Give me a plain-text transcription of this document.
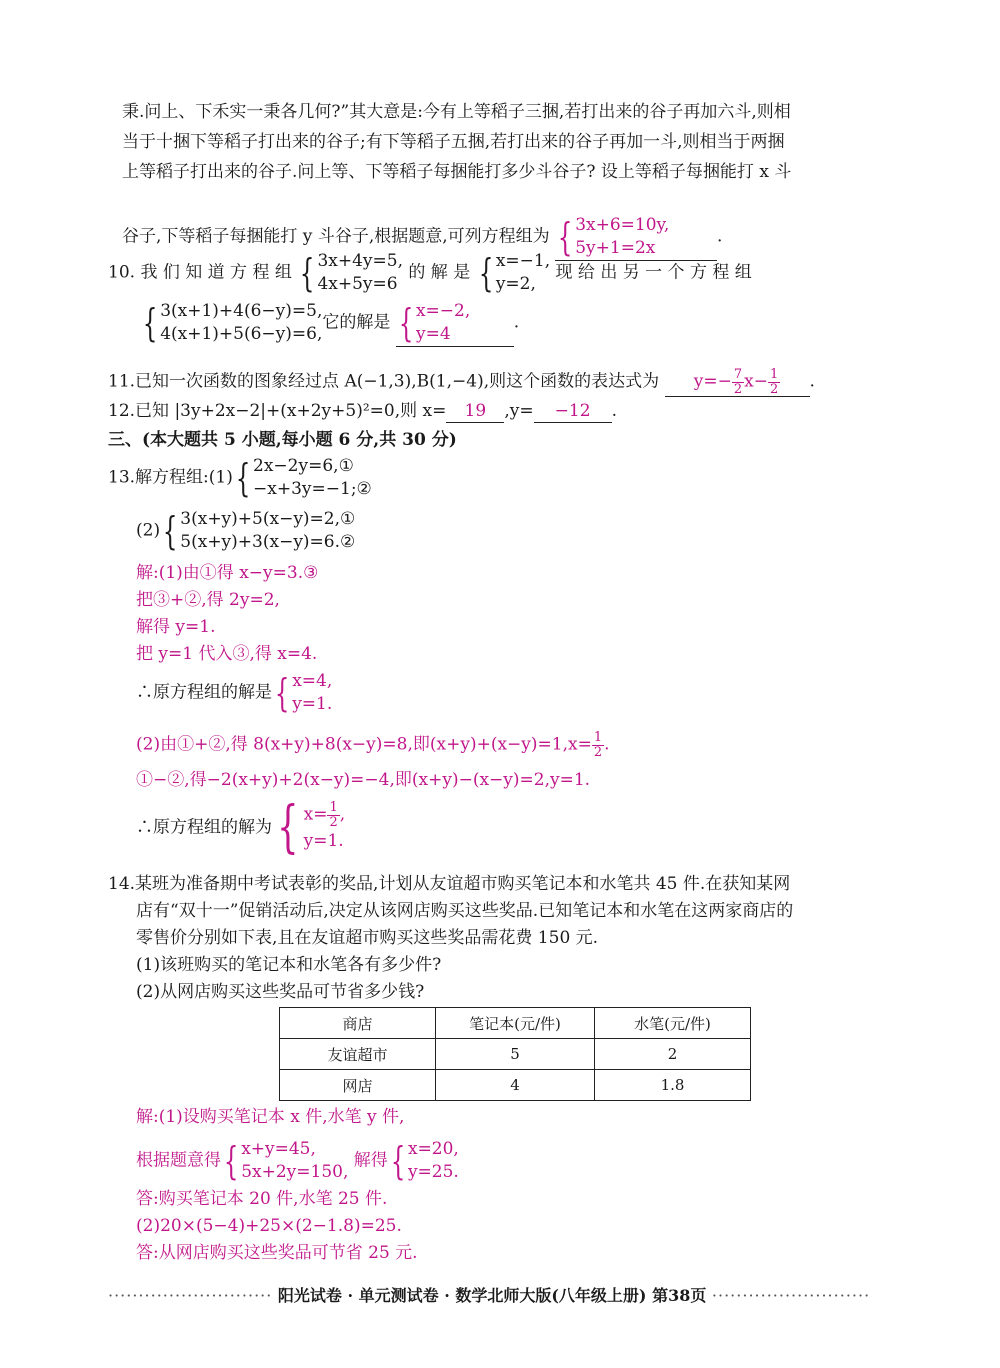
秉.问上、下禾实一秉各几何?”其大意是:今有上等稻子三捆,若打出来的谷子再加六斗,则相
当于十捆下等稻子打出来的谷子;有下等稻子五捆,若打出来的谷子再加一斗,则相当于两捆
上等稻子打出来的谷子.问上等、下等稻子每捆能打多少斗谷子? 设上等稻子每捆能打 x 斗
谷子,下等稻子每捆能打 y 斗谷子,根据题意,可列方程组为 { 3x+6=10y,
5y+1=2x
.
10. 我 们 知 道 方 程 组 { 3x+4y=5,
4x+5y=6
的 解 是 { x=−1,
y=2,
现 给 出 另 一 个 方 程 组
{ 3(x+1)+4(6−y)=5,
4(x+1)+5(6−y)=6,
它的解是 { x=−2,
y=4
.
11.已知一次函数的图象经过点 A(−1,3),B(1,−4),则这个函数的表达式为 $y=- \frac{7}{2} x- \frac{1}{2}$ .
12.已知 |3y+2x−2|+(x+2y+5)²=0,则 x= 19 ,y= −12 .
三、(本大题共 5 小题,每小题 6 分,共 30 分)
13.解方程组:(1){ 2x−2y=6,①
−x+3y=−1;②
(2){ 3(x+y)+5(x−y)=2,①
5(x+y)+3(x−y)=6.②
解:(1)由①得 x−y=3.③
把③+②,得 2y=2,
解得 y=1.
把 y=1 代入③,得 x=4.
∴原方程组的解是{ x=4,
y=1.
(2)由①+②,得 8(x+y)+8(x−y)=8,即$(x+y)+(x-y)=1,x= \frac{1}{2}$ .
①−②,得−2(x+y)+2(x−y)=−4,即(x+y)−(x−y)=2,y=1.
∴原方程组的解为{ $x= \frac{1}{2}$ ,
y=1.
14.某班为准备期中考试表彰的奖品,计划从友谊超市购买笔记本和水笔共 45 件.在获知某网
店有“双十一”促销活动后,决定从该网店购买这些奖品.已知笔记本和水笔在这两家商店的
零售价分别如下表,且在友谊超市购买这些奖品需花费 150 元.
(1)该班购买的笔记本和水笔各有多少件?
(2)从网店购买这些奖品可节省多少钱?
商店	笔记本(元/件)	水笔(元/件)
友谊超市	5	2
网店	4	1.8
解:(1)设购买笔记本 x 件,水笔 y 件,
根据题意得{ x+y=45,
5x+2y=150,
解得{ x=20,
y=25.
答:购买笔记本 20 件,水笔 25 件.
(2)20×(5−4)+25×(2−1.8)=25.
答:从网店购买这些奖品可节省 25 元.
··························· 阳光试卷 · 单元测试卷 · 数学北师大版(八年级上册) 第38页 ··························
